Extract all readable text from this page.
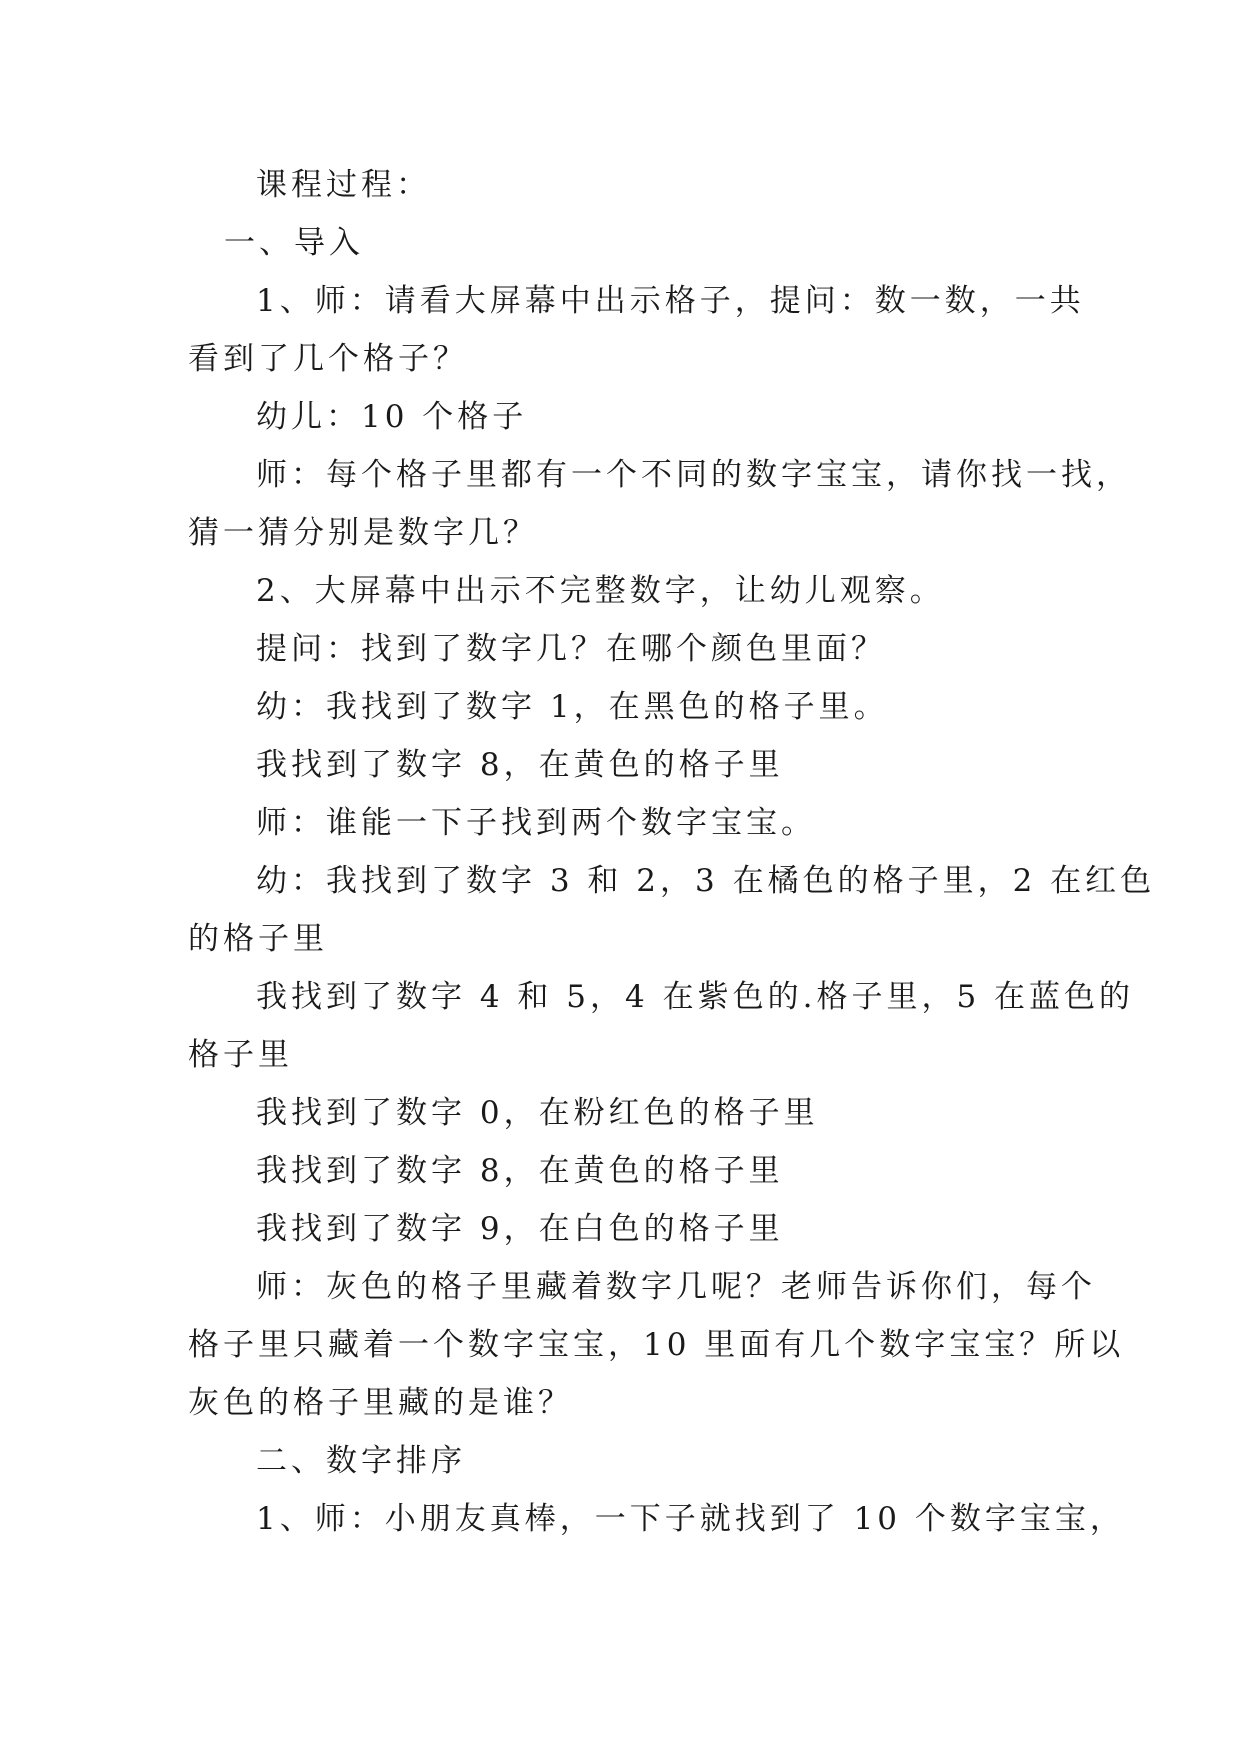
课程过程：

一、导入

1、师：请看大屏幕中出示格子，提问：数一数，一共

看到了几个格子？

幼儿：10 个格子

师：每个格子里都有一个不同的数字宝宝，请你找一找，

猜一猜分别是数字几？

2、大屏幕中出示不完整数字，让幼儿观察。

提问：找到了数字几？在哪个颜色里面？

幼：我找到了数字 1，在黑色的格子里。

我找到了数字 8，在黄色的格子里

师：谁能一下子找到两个数字宝宝。

幼：我找到了数字 3 和 2，3 在橘色的格子里，2 在红色

的格子里

我找到了数字 4 和 5，4 在紫色的.格子里，5 在蓝色的

格子里

我找到了数字 0，在粉红色的格子里

我找到了数字 8，在黄色的格子里

我找到了数字 9，在白色的格子里

师：灰色的格子里藏着数字几呢？老师告诉你们，每个

格子里只藏着一个数字宝宝，10 里面有几个数字宝宝？所以

灰色的格子里藏的是谁？

二、数字排序

1、师：小朋友真棒，一下子就找到了 10 个数字宝宝，
